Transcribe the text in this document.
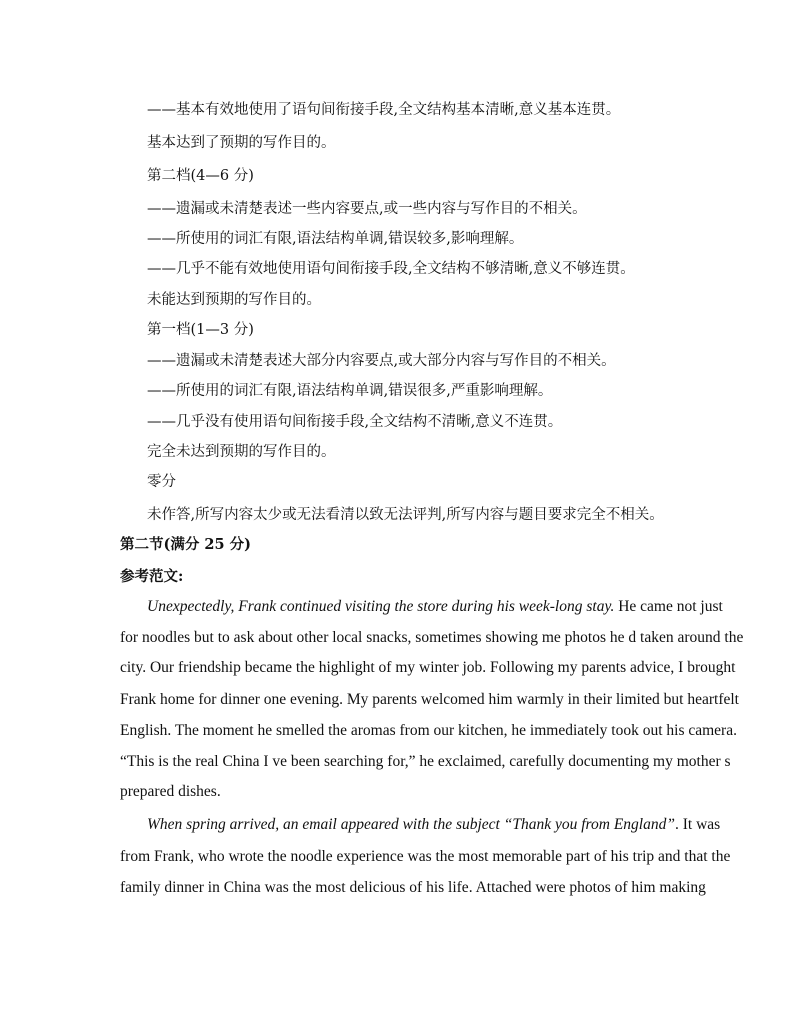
——基本有效地使用了语句间衔接手段,全文结构基本清晰,意义基本连贯。
基本达到了预期的写作目的。
第二档(4—6 分)
——遗漏或未清楚表述一些内容要点,或一些内容与写作目的不相关。
——所使用的词汇有限,语法结构单调,错误较多,影响理解。
——几乎不能有效地使用语句间衔接手段,全文结构不够清晰,意义不够连贯。
未能达到预期的写作目的。
第一档(1—3 分)
——遗漏或未清楚表述大部分内容要点,或大部分内容与写作目的不相关。
——所使用的词汇有限,语法结构单调,错误很多,严重影响理解。
——几乎没有使用语句间衔接手段,全文结构不清晰,意义不连贯。
完全未达到预期的写作目的。
零分
未作答,所写内容太少或无法看清以致无法评判,所写内容与题目要求完全不相关。
第二节(满分 25 分)
参考范文:
Unexpectedly, Frank continued visiting the store during his week-long stay. He came not just
for noodles but to ask about other local snacks, sometimes showing me photos he d taken around the
city. Our friendship became the highlight of my winter job. Following my parents advice, I brought
Frank home for dinner one evening. My parents welcomed him warmly in their limited but heartfelt
English. The moment he smelled the aromas from our kitchen, he immediately took out his camera.
“This is the real China I ve been searching for,” he exclaimed, carefully documenting my mother s
prepared dishes.
When spring arrived, an email appeared with the subject “Thank you from England”. It was
from Frank, who wrote the noodle experience was the most memorable part of his trip and that the
family dinner in China was the most delicious of his life. Attached were photos of him making
